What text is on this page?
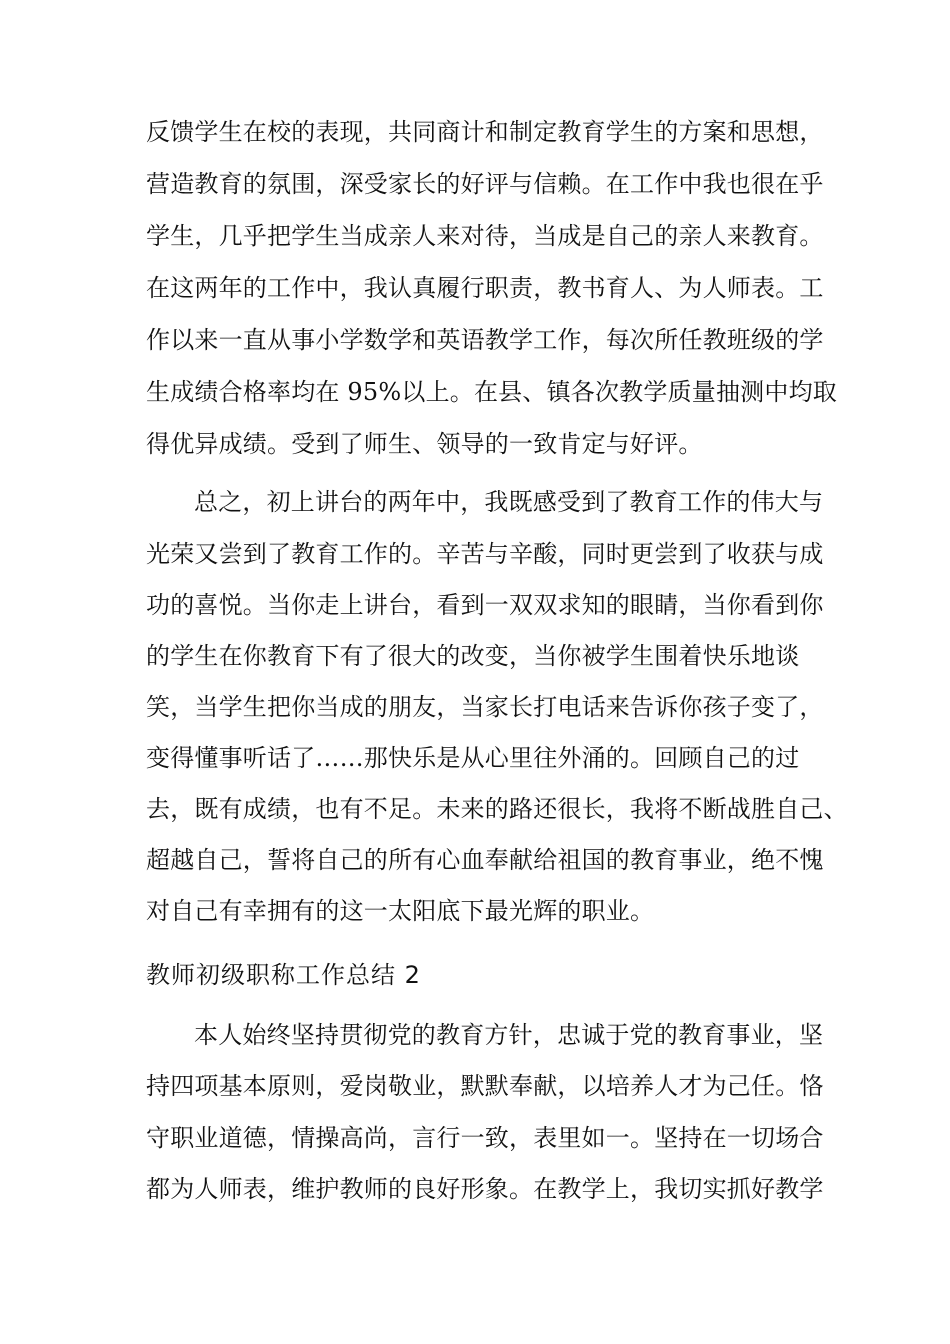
反馈学生在校的表现，共同商计和制定教育学生的方案和思想，
营造教育的氛围，深受家长的好评与信赖。在工作中我也很在乎
学生，几乎把学生当成亲人来对待，当成是自己的亲人来教育。
在这两年的工作中，我认真履行职责，教书育人、为人师表。工
作以来一直从事小学数学和英语教学工作，每次所任教班级的学
生成绩合格率均在 95%以上。在县、镇各次教学质量抽测中均取
得优异成绩。受到了师生、领导的一致肯定与好评。
总之，初上讲台的两年中，我既感受到了教育工作的伟大与
光荣又尝到了教育工作的。辛苦与辛酸，同时更尝到了收获与成
功的喜悦。当你走上讲台，看到一双双求知的眼睛，当你看到你
的学生在你教育下有了很大的改变，当你被学生围着快乐地谈
笑，当学生把你当成的朋友，当家长打电话来告诉你孩子变了，
变得懂事听话了……那快乐是从心里往外涌的。回顾自己的过
去，既有成绩，也有不足。未来的路还很长，我将不断战胜自己、
超越自己，誓将自己的所有心血奉献给祖国的教育事业，绝不愧
对自己有幸拥有的这一太阳底下最光辉的职业。
教师初级职称工作总结 2
本人始终坚持贯彻党的教育方针，忠诚于党的教育事业，坚
持四项基本原则，爱岗敬业，默默奉献，以培养人才为己任。恪
守职业道德，情操高尚，言行一致，表里如一。坚持在一切场合
都为人师表，维护教师的良好形象。在教学上，我切实抓好教学
